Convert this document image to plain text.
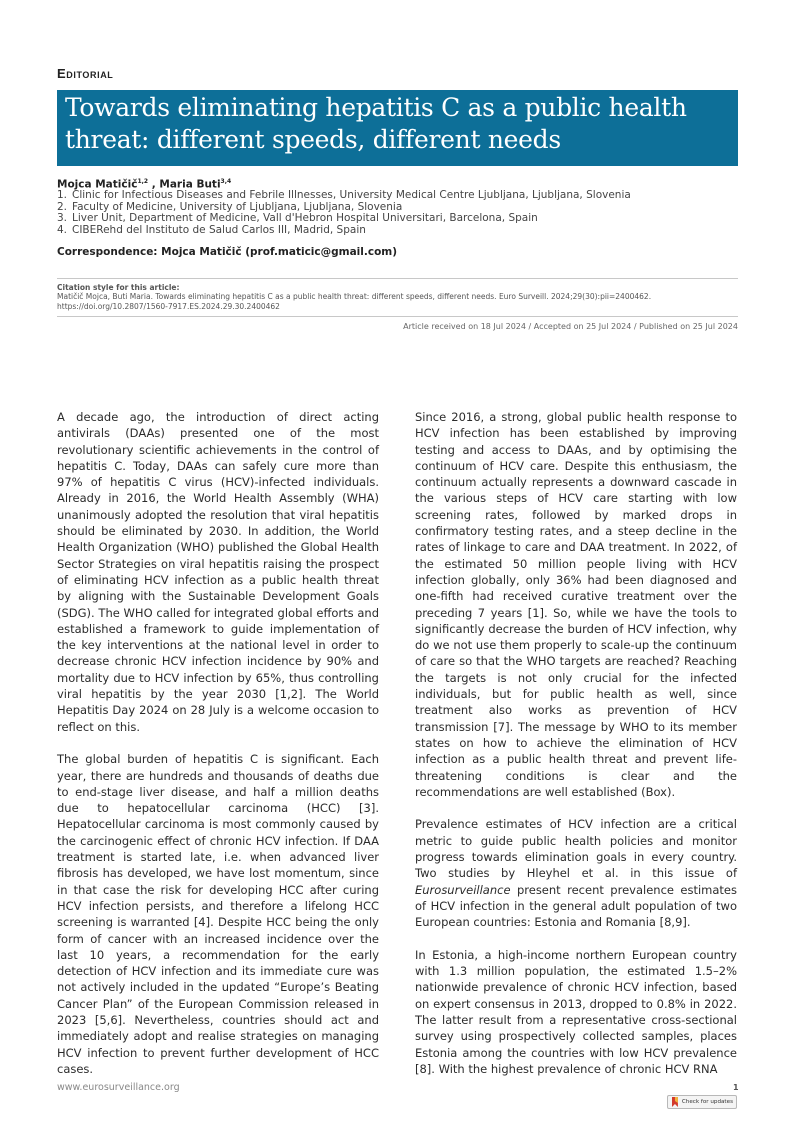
Editorial
Towards eliminating hepatitis C as a public health
threat: different speeds, different needs
Mojca Matičič$^{1,2}$ , Maria Buti$^{3,4}$
1. Clinic for Infectious Diseases and Febrile Illnesses, University Medical Centre Ljubljana, Ljubljana, Slovenia
2. Faculty of Medicine, University of Ljubljana, Ljubljana, Slovenia
3. Liver Unit, Department of Medicine, Vall d'Hebron Hospital Universitari, Barcelona, Spain
4. CIBERehd del Instituto de Salud Carlos III, Madrid, Spain
Correspondence: Mojca Matičič (prof.maticic@gmail.com)
Citation style for this article:
Matičič Mojca, Buti Maria. Towards eliminating hepatitis C as a public health threat: different speeds, different needs. Euro Surveill. 2024;29(30):pii=2400462.
https://doi.org/10.2807/1560-7917.ES.2024.29.30.2400462
Article received on 18 Jul 2024 / Accepted on 25 Jul 2024 / Published on 25 Jul 2024

A decade ago, the introduction of direct acting antivirals (DAAs) presented one of the most revolutionary scientific achievements in the control of hepatitis C. Today, DAAs can safely cure more than 97% of hepatitis C virus (HCV)-infected individuals. Already in 2016, the World Health Assembly (WHA) unanimously adopted the resolution that viral hepatitis should be eliminated by 2030. In addition, the World Health Organization (WHO) published the Global Health Sector Strategies on viral hepatitis raising the prospect of eliminating HCV infection as a public health threat by aligning with the Sustainable Development Goals (SDG). The WHO called for integrated global efforts and established a framework to guide implementation of the key interventions at the national level in order to decrease chronic HCV infection incidence by 90% and mortality due to HCV infection by 65%, thus controlling viral hepatitis by the year 2030 [1,2]. The World Hepatitis Day 2024 on 28 July is a welcome occasion to reflect on this.

The global burden of hepatitis C is significant. Each year, there are hundreds and thousands of deaths due to end-stage liver disease, and half a million deaths due to hepatocellular carcinoma (HCC) [3]. Hepatocellular carcinoma is most commonly caused by the carcinogenic effect of chronic HCV infection. If DAA treatment is started late, i.e. when advanced liver fibrosis has developed, we have lost momentum, since in that case the risk for developing HCC after curing HCV infection persists, and therefore a lifelong HCC screening is warranted [4]. Despite HCC being the only form of cancer with an increased incidence over the last 10 years, a recommendation for the early detection of HCV infection and its immediate cure was not actively included in the updated “Europe’s Beating Cancer Plan” of the European Commission released in 2023 [5,6]. Nevertheless, countries should act and immediately adopt and realise strategies on managing HCV infection to prevent further development of HCC cases.

Since 2016, a strong, global public health response to HCV infection has been established by improving testing and access to DAAs, and by optimising the continuum of HCV care. Despite this enthusiasm, the continuum actually represents a downward cascade in the various steps of HCV care starting with low screening rates, followed by marked drops in confirmatory testing rates, and a steep decline in the rates of linkage to care and DAA treatment. In 2022, of the estimated 50 million people living with HCV infection globally, only 36% had been diagnosed and one-fifth had received curative treatment over the preceding 7 years [1]. So, while we have the tools to significantly decrease the burden of HCV infection, why do we not use them properly to scale-up the continuum of care so that the WHO targets are reached? Reaching the targets is not only crucial for the infected individuals, but for public health as well, since treatment also works as prevention of HCV transmission [7]. The message by WHO to its member states on how to achieve the elimination of HCV infection as a public health threat and prevent life-threatening conditions is clear and the recommendations are well established (Box).

Prevalence estimates of HCV infection are a critical metric to guide public health policies and monitor progress towards elimination goals in every country. Two studies by Hleyhel et al. in this issue of Eurosurveillance present recent prevalence estimates of HCV infection in the general adult population of two European countries: Estonia and Romania [8,9].

In Estonia, a high-income northern European country with 1.3 million population, the estimated 1.5–2% nationwide prevalence of chronic HCV infection, based on expert consensus in 2013, dropped to 0.8% in 2022. The latter result from a representative cross-sectional survey using prospectively collected samples, places Estonia among the countries with low HCV prevalence [8]. With the highest prevalence of chronic HCV RNA

www.eurosurveillance.org	1
Check for updates
